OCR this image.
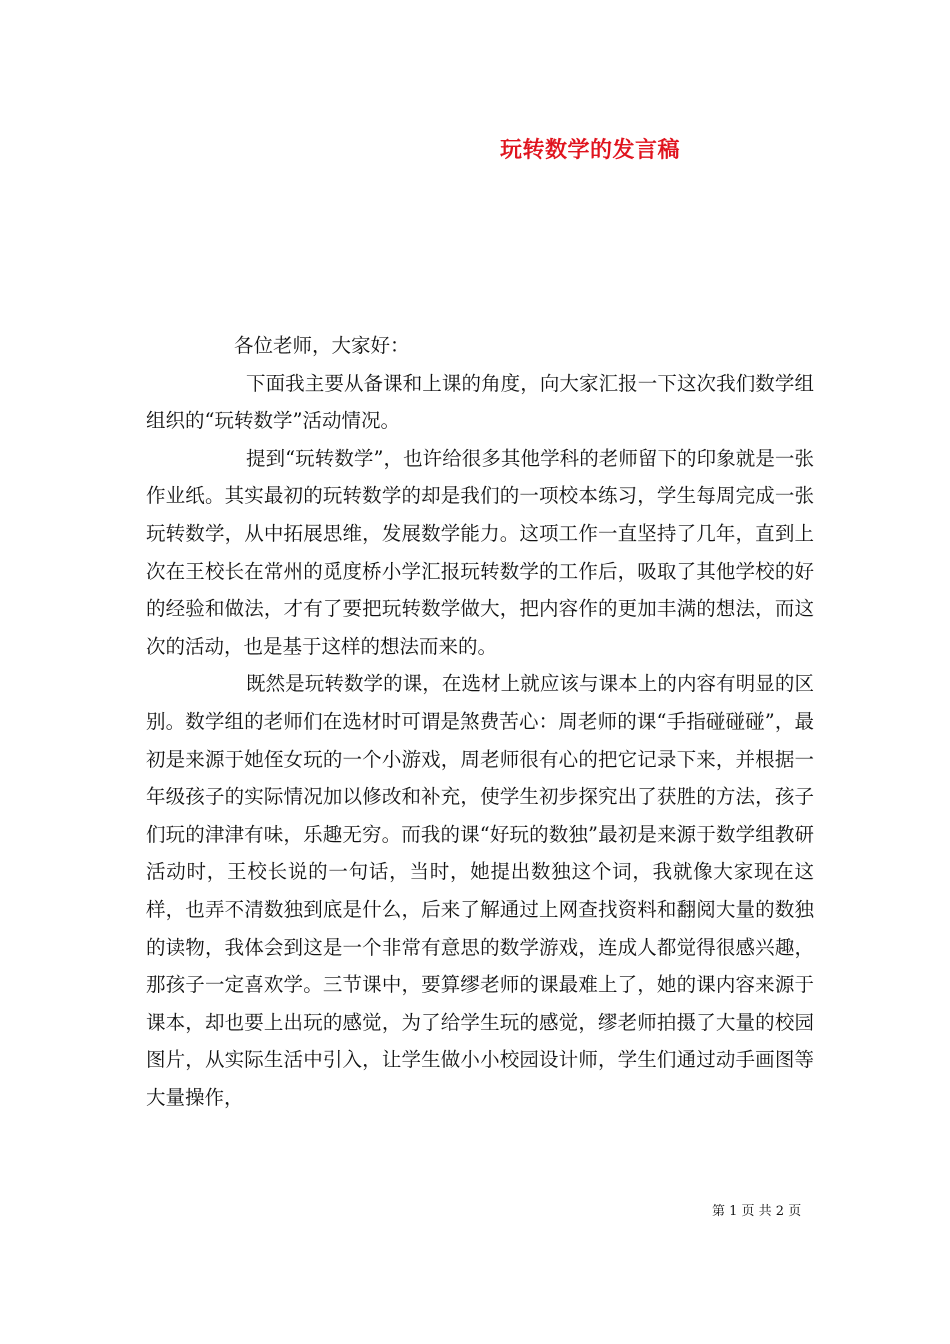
玩转数学的发言稿

各位老师，大家好：

下面我主要从备课和上课的角度，向大家汇报一下这次我们数学组组织的“玩转数学”活动情况。

提到“玩转数学”，也许给很多其他学科的老师留下的印象就是一张作业纸。其实最初的玩转数学的却是我们的一项校本练习，学生每周完成一张玩转数学，从中拓展思维，发展数学能力。这项工作一直坚持了几年，直到上次在王校长在常州的觅度桥小学汇报玩转数学的工作后，吸取了其他学校的好的经验和做法，才有了要把玩转数学做大，把内容作的更加丰满的想法，而这次的活动，也是基于这样的想法而来的。

既然是玩转数学的课，在选材上就应该与课本上的内容有明显的区别。数学组的老师们在选材时可谓是煞费苦心：周老师的课“手指碰碰碰”，最初是来源于她侄女玩的一个小游戏，周老师很有心的把它记录下来，并根据一年级孩子的实际情况加以修改和补充，使学生初步探究出了获胜的方法，孩子们玩的津津有味，乐趣无穷。而我的课“好玩的数独”最初是来源于数学组教研活动时，王校长说的一句话，当时，她提出数独这个词，我就像大家现在这样，也弄不清数独到底是什么，后来了解通过上网查找资料和翻阅大量的数独的读物，我体会到这是一个非常有意思的数学游戏，连成人都觉得很感兴趣，那孩子一定喜欢学。三节课中，要算缪老师的课最难上了，她的课内容来源于课本，却也要上出玩的感觉，为了给学生玩的感觉，缪老师拍摄了大量的校园图片，从实际生活中引入，让学生做小小校园设计师，学生们通过动手画图等大量操作，

第 1 页 共 2 页
